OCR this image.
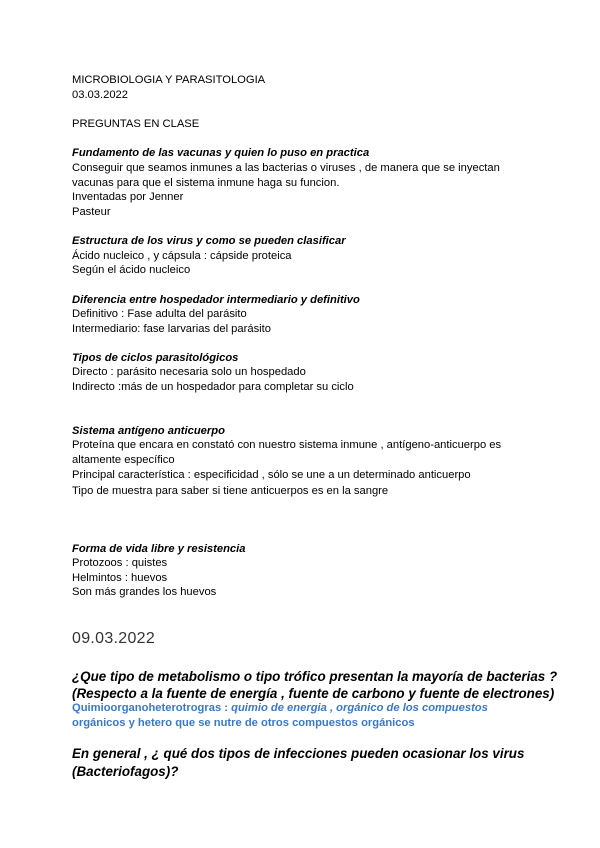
MICROBIOLOGIA Y PARASITOLOGIA
03.03.2022
PREGUNTAS EN CLASE
Fundamento de las vacunas y quien lo puso en practica
Conseguir que seamos inmunes a las bacterias o viruses , de manera que se inyectan
vacunas para que el sistema inmune haga su funcion.
Inventadas por Jenner
Pasteur
Estructura de los virus y como se pueden clasificar
Ácido nucleico , y cápsula : cápside proteica
Según el ácido nucleico
Diferencia entre hospedador intermediario y definitivo
Definitivo : Fase adulta del parásito
Intermediario: fase larvarias del parásito
Tipos de ciclos parasitológicos
Directo : parásito necesaria solo un hospedado
Indirecto :más de un hospedador para completar su ciclo
Sistema antígeno anticuerpo
Proteína que encara en constató con nuestro sistema inmune , antígeno-anticuerpo es
altamente específico
Principal característica : especificidad , sólo se une a un determinado anticuerpo
Tipo de muestra para saber si tiene anticuerpos es en la sangre
Forma de vida libre y resistencia
Protozoos : quistes
Helmintos : huevos
Son más grandes los huevos
09.03.2022
¿Que tipo de metabolismo o tipo trófico presentan la mayoría de bacterias ?
(Respecto a la fuente de energía , fuente de carbono y fuente de electrones)
Quimioorganoheterotrogras : quimio de energia , orgánico de los compuestos
orgánicos y hetero que se nutre de otros compuestos orgánicos
En general , ¿ qué dos tipos de infecciones pueden ocasionar los virus
(Bacteriofagos)?
